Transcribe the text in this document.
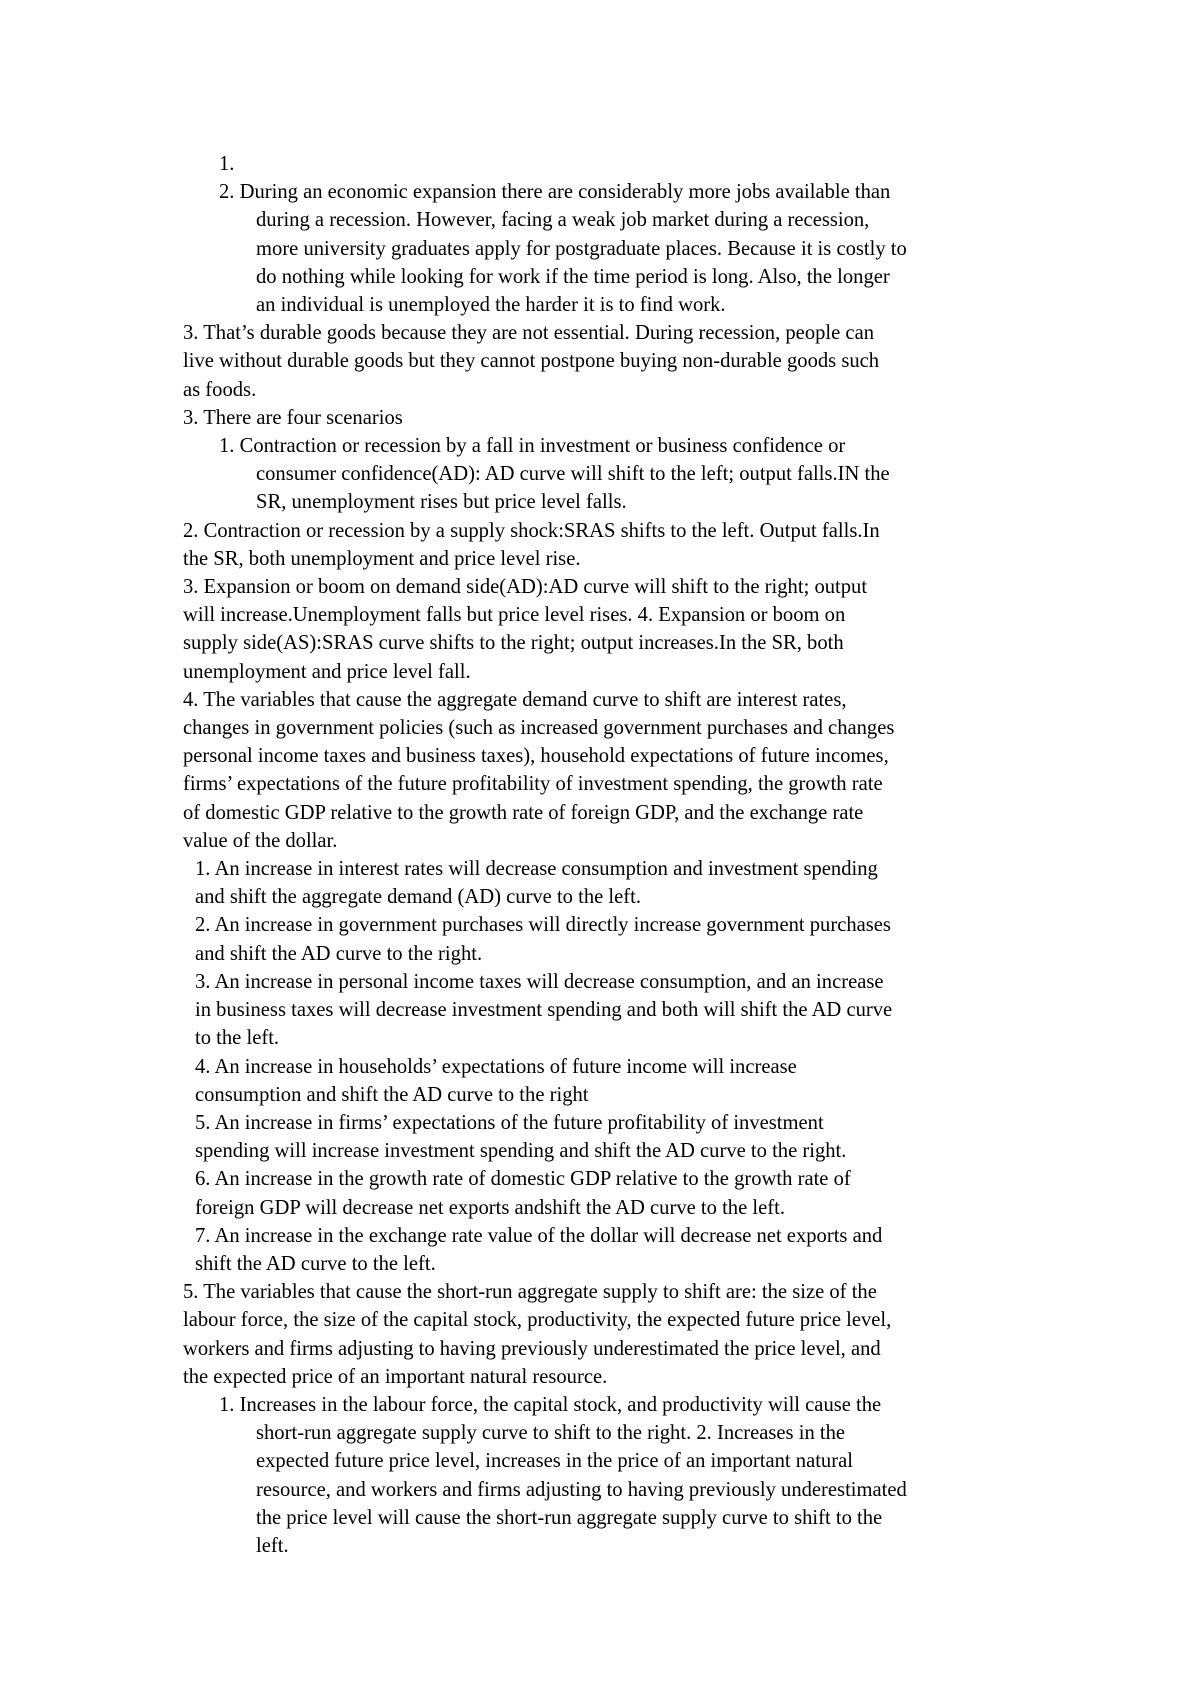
1.
2. During an economic expansion there are considerably more jobs available than
during a recession. However, facing a weak job market during a recession,
more university graduates apply for postgraduate places. Because it is costly to
do nothing while looking for work if the time period is long. Also, the longer
an individual is unemployed the harder it is to find work.
3. That’s durable goods because they are not essential. During recession, people can
live without durable goods but they cannot postpone buying non-durable goods such
as foods.
3. There are four scenarios
1. Contraction or recession by a fall in investment or business confidence or
consumer confidence(AD): AD curve will shift to the left; output falls.IN the
SR, unemployment rises but price level falls.
2. Contraction or recession by a supply shock:SRAS shifts to the left. Output falls.In
the SR, both unemployment and price level rise.
3. Expansion or boom on demand side(AD):AD curve will shift to the right; output
will increase.Unemployment falls but price level rises. 4. Expansion or boom on
supply side(AS):SRAS curve shifts to the right; output increases.In the SR, both
unemployment and price level fall.
4. The variables that cause the aggregate demand curve to shift are interest rates,
changes in government policies (such as increased government purchases and changes
personal income taxes and business taxes), household expectations of future incomes,
firms’ expectations of the future profitability of investment spending, the growth rate
of domestic GDP relative to the growth rate of foreign GDP, and the exchange rate
value of the dollar.
1. An increase in interest rates will decrease consumption and investment spending
and shift the aggregate demand (AD) curve to the left.
2. An increase in government purchases will directly increase government purchases
and shift the AD curve to the right.
3. An increase in personal income taxes will decrease consumption, and an increase
in business taxes will decrease investment spending and both will shift the AD curve
to the left.
4. An increase in households’ expectations of future income will increase
consumption and shift the AD curve to the right
5. An increase in firms’ expectations of the future profitability of investment
spending will increase investment spending and shift the AD curve to the right.
6. An increase in the growth rate of domestic GDP relative to the growth rate of
foreign GDP will decrease net exports andshift the AD curve to the left.
7. An increase in the exchange rate value of the dollar will decrease net exports and
shift the AD curve to the left.
5. The variables that cause the short-run aggregate supply to shift are: the size of the
labour force, the size of the capital stock, productivity, the expected future price level,
workers and firms adjusting to having previously underestimated the price level, and
the expected price of an important natural resource.
1. Increases in the labour force, the capital stock, and productivity will cause the
short-run aggregate supply curve to shift to the right. 2. Increases in the
expected future price level, increases in the price of an important natural
resource, and workers and firms adjusting to having previously underestimated
the price level will cause the short-run aggregate supply curve to shift to the
left.
